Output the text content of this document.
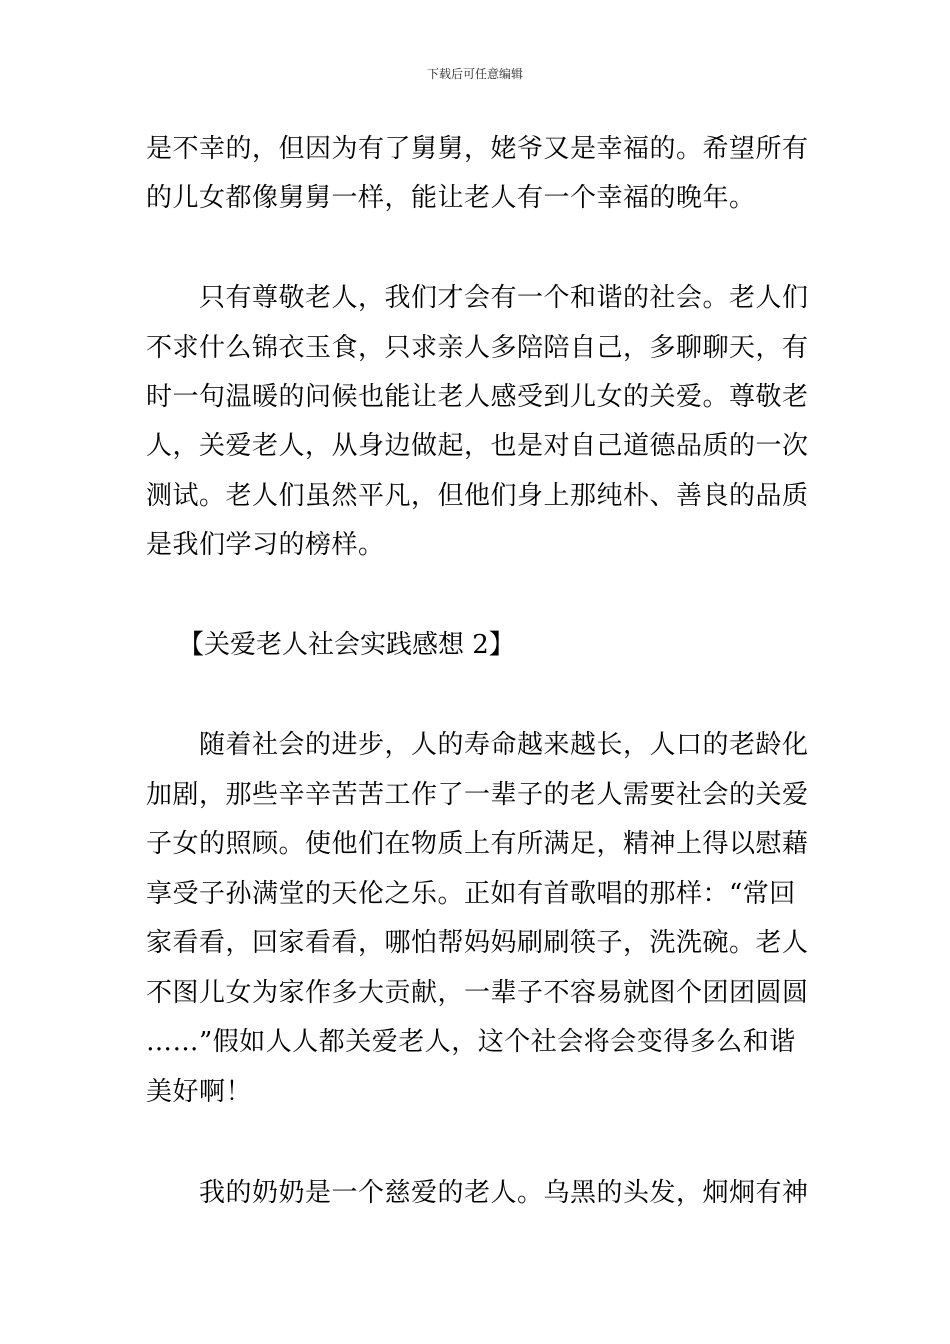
下载后可任意编辑
是不幸的，但因为有了舅舅，姥爷又是幸福的。希望所有
的儿女都像舅舅一样，能让老人有一个幸福的晚年。
　　只有尊敬老人，我们才会有一个和谐的社会。老人们
不求什么锦衣玉食，只求亲人多陪陪自己，多聊聊天，有
时一句温暖的问候也能让老人感受到儿女的关爱。尊敬老
人，关爱老人，从身边做起，也是对自己道德品质的一次
测试。老人们虽然平凡，但他们身上那纯朴、善良的品质
是我们学习的榜样。
【关爱老人社会实践感想 2】
　　随着社会的进步，人的寿命越来越长，人口的老龄化
加剧，那些辛辛苦苦工作了一辈子的老人需要社会的关爱
子女的照顾。使他们在物质上有所满足，精神上得以慰藉
享受子孙满堂的天伦之乐。正如有首歌唱的那样：“常回
家看看，回家看看，哪怕帮妈妈刷刷筷子，洗洗碗。老人
不图儿女为家作多大贡献，一辈子不容易就图个团团圆圆
……”假如人人都关爱老人，这个社会将会变得多么和谐
美好啊！
　　我的奶奶是一个慈爱的老人。乌黑的头发，炯炯有神
